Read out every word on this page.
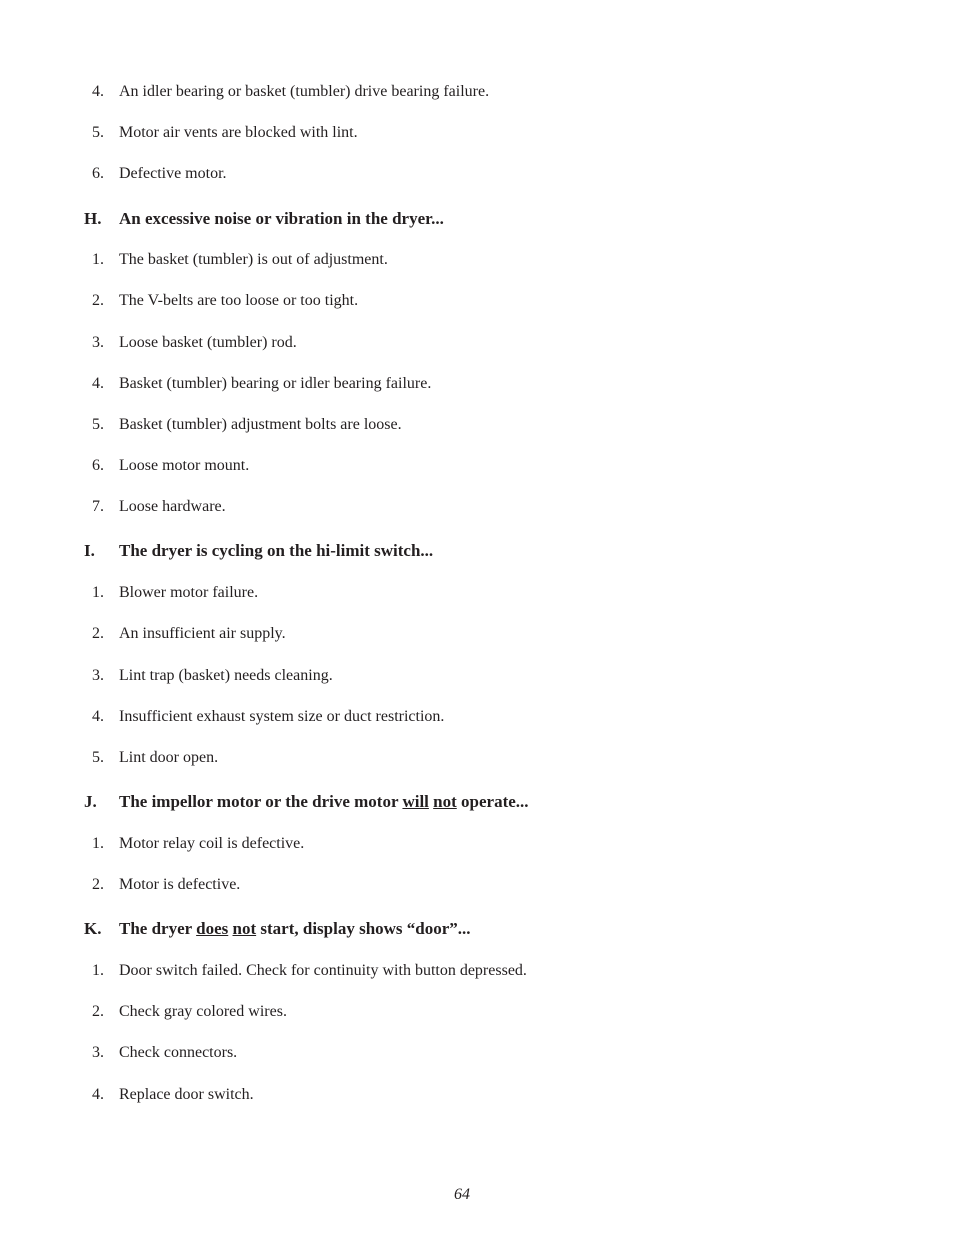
4. An idler bearing or basket (tumbler) drive bearing failure.
5. Motor air vents are blocked with lint.
6. Defective motor.
H. An excessive noise or vibration in the dryer...
1. The basket (tumbler) is out of adjustment.
2. The V-belts are too loose or too tight.
3. Loose basket (tumbler) rod.
4. Basket (tumbler) bearing or idler bearing failure.
5. Basket (tumbler) adjustment bolts are loose.
6. Loose motor mount.
7. Loose hardware.
I. The dryer is cycling on the hi-limit switch...
1. Blower motor failure.
2. An insufficient air supply.
3. Lint trap (basket) needs cleaning.
4. Insufficient exhaust system size or duct restriction.
5. Lint door open.
J. The impellor motor or the drive motor will not operate...
1. Motor relay coil is defective.
2. Motor is defective.
K. The dryer does not start, display shows “door”...
1. Door switch failed. Check for continuity with button depressed.
2. Check gray colored wires.
3. Check connectors.
4. Replace door switch.
64
